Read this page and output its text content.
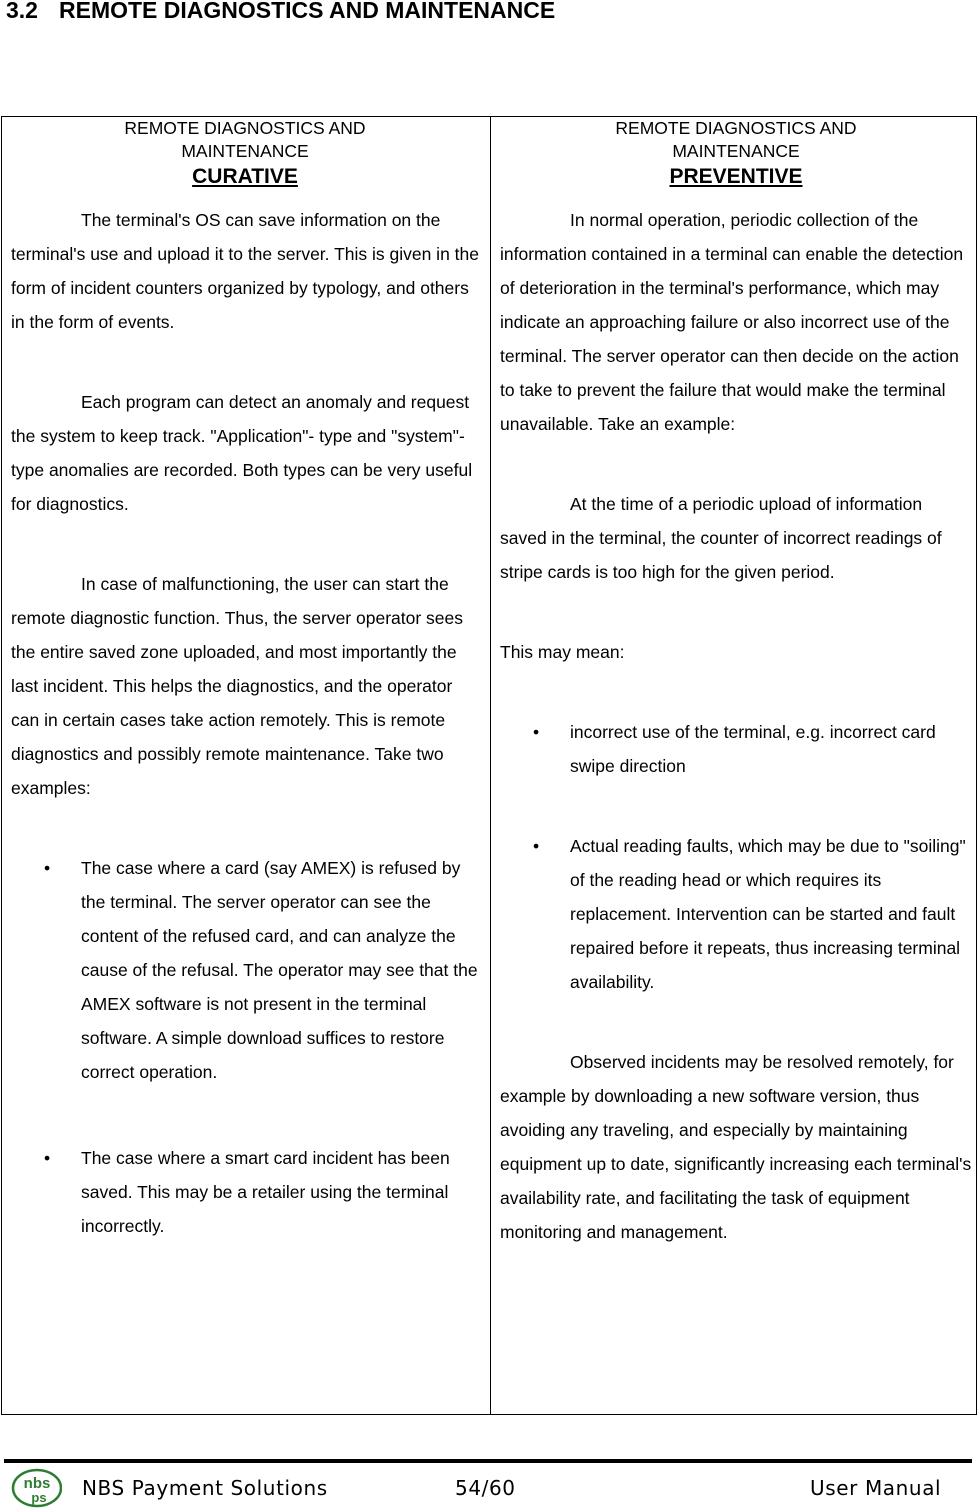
3.2 REMOTE DIAGNOSTICS AND MAINTENANCE
REMOTE DIAGNOSTICS AND
MAINTENANCE
CURATIVE

The terminal's OS can save information on the terminal's use and upload it to the server. This is given in the form of incident counters organized by typology, and others in the form of events.

Each program can detect an anomaly and request the system to keep track. "Application"- type and "system"-type anomalies are recorded. Both types can be very useful for diagnostics.

In case of malfunctioning, the user can start the remote diagnostic function. Thus, the server operator sees the entire saved zone uploaded, and most importantly the last incident. This helps the diagnostics, and the operator can in certain cases take action remotely. This is remote diagnostics and possibly remote maintenance. Take two examples:

• The case where a card (say AMEX) is refused by the terminal. The server operator can see the content of the refused card, and can analyze the cause of the refusal. The operator may see that the AMEX software is not present in the terminal software. A simple download suffices to restore correct operation.
• The case where a smart card incident has been saved. This may be a retailer using the terminal incorrectly.
REMOTE DIAGNOSTICS AND
MAINTENANCE
PREVENTIVE

In normal operation, periodic collection of the information contained in a terminal can enable the detection of deterioration in the terminal's performance, which may indicate an approaching failure or also incorrect use of the terminal. The server operator can then decide on the action to take to prevent the failure that would make the terminal unavailable. Take an example:

At the time of a periodic upload of information saved in the terminal, the counter of incorrect readings of stripe cards is too high for the given period.

This may mean:

• incorrect use of the terminal, e.g. incorrect card swipe direction
• Actual reading faults, which may be due to "soiling" of the reading head or which requires its replacement. Intervention can be started and fault repaired before it repeats, thus increasing terminal availability.

Observed incidents may be resolved remotely, for example by downloading a new software version, thus avoiding any traveling, and especially by maintaining equipment up to date, significantly increasing each terminal's availability rate, and facilitating the task of equipment monitoring and management.

nbs
ps NBS Payment Solutions	54/60	User Manual
